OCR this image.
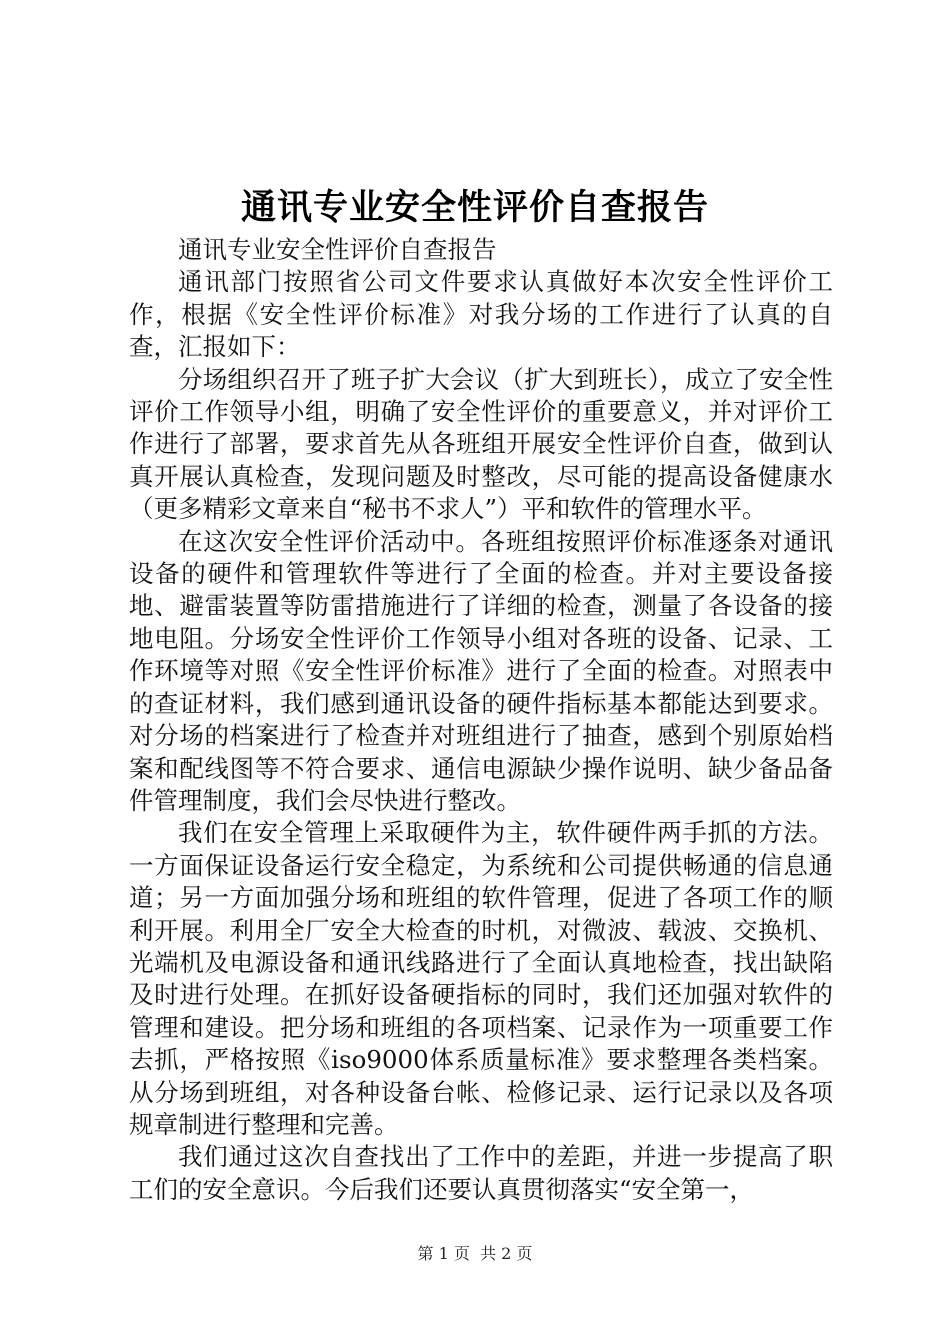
通讯专业安全性评价自查报告

通讯专业安全性评价自查报告

通讯部门按照省公司文件要求认真做好本次安全性评价工作，根据《安全性评价标准》对我分场的工作进行了认真的自查，汇报如下：

分场组织召开了班子扩大会议（扩大到班长），成立了安全性评价工作领导小组，明确了安全性评价的重要意义，并对评价工作进行了部署，要求首先从各班组开展安全性评价自查，做到认真开展认真检查，发现问题及时整改，尽可能的提高设备健康水（更多精彩文章来自“秘书不求人”）平和软件的管理水平。

在这次安全性评价活动中。各班组按照评价标准逐条对通讯设备的硬件和管理软件等进行了全面的检查。并对主要设备接地、避雷装置等防雷措施进行了详细的检查，测量了各设备的接地电阻。分场安全性评价工作领导小组对各班的设备、记录、工作环境等对照《安全性评价标准》进行了全面的检查。对照表中的查证材料，我们感到通讯设备的硬件指标基本都能达到要求。对分场的档案进行了检查并对班组进行了抽查，感到个别原始档案和配线图等不符合要求、通信电源缺少操作说明、缺少备品备件管理制度，我们会尽快进行整改。

我们在安全管理上采取硬件为主，软件硬件两手抓的方法。一方面保证设备运行安全稳定，为系统和公司提供畅通的信息通道；另一方面加强分场和班组的软件管理，促进了各项工作的顺利开展。利用全厂安全大检查的时机，对微波、载波、交换机、光端机及电源设备和通讯线路进行了全面认真地检查，找出缺陷及时进行处理。在抓好设备硬指标的同时，我们还加强对软件的管理和建设。把分场和班组的各项档案、记录作为一项重要工作去抓，严格按照《iso9000体系质量标准》要求整理各类档案。从分场到班组，对各种设备台帐、检修记录、运行记录以及各项规章制进行整理和完善。

我们通过这次自查找出了工作中的差距，并进一步提高了职工们的安全意识。今后我们还要认真贯彻落实“安全第一，

第 1 页  共 2 页
